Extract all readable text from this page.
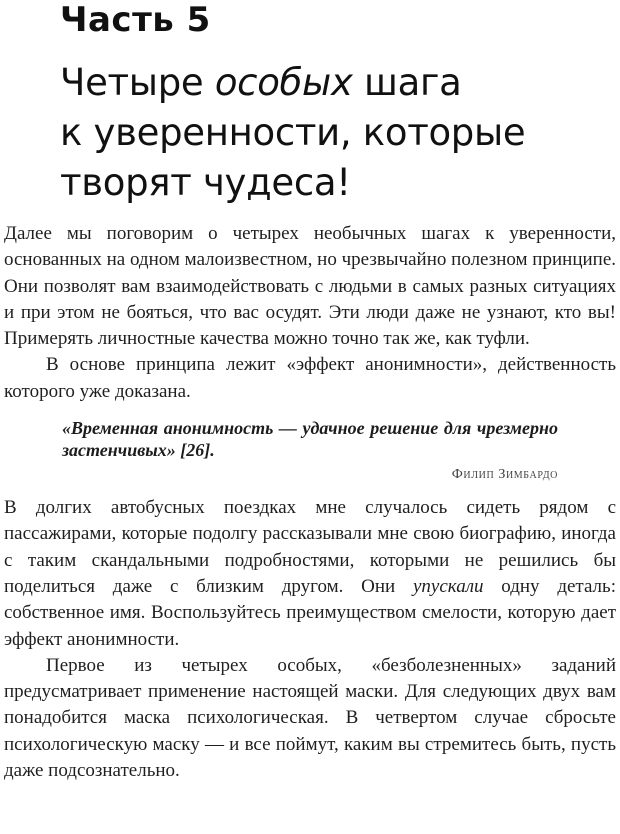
Часть 5
Четыре особых шага
к уверенности, которые
творят чудеса!

Далее мы поговорим о четырех необычных шагах к уверенности, основанных на одном малоизвестном, но чрезвычайно полезном принципе. Они позволят вам взаимодействовать с людьми в самых разных ситуациях и при этом не бояться, что вас осудят. Эти люди даже не узнают, кто вы! Примерять личностные качества можно точно так же, как туфли.

В основе принципа лежит «эффект анонимности», действенность которого уже доказана.

«Временная анонимность — удачное решение для чрезмерно застенчивых» [26].
Филип Зимбардо

В долгих автобусных поездках мне случалось сидеть рядом с пассажирами, которые подолгу рассказывали мне свою биографию, иногда с таким скандальными подробностями, которыми не решились бы поделиться даже с близким другом. Они упускали одну деталь: собственное имя. Воспользуйтесь преимуществом смелости, которую дает эффект анонимности.

Первое из четырех особых, «безболезненных» заданий предусматривает применение настоящей маски. Для следующих двух вам понадобится маска психологическая. В четвертом случае сбросьте психологическую маску — и все поймут, каким вы стремитесь быть, пусть даже подсознательно.
